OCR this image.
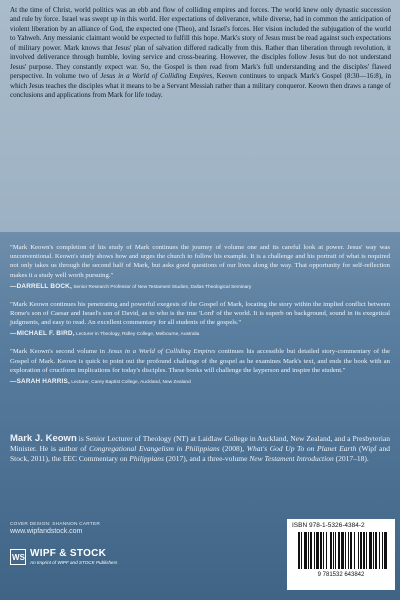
At the time of Christ, world politics was an ebb and flow of colliding empires and forces. The world knew only dynastic succession and rule by force. Israel was swept up in this world. Her expectations of deliverance, while diverse, had in common the anticipation of violent liberation by an alliance of God, the expected one (Theo), and Israel's forces. Her vision included the subjugation of the world to Yahweh. Any messianic claimant would be expected to fulfill this hope. Mark's story of Jesus must be read against such expectations of military power. Mark knows that Jesus' plan of salvation differed radically from this. Rather than liberation through revolution, it involved deliverance through humble, loving service and cross-bearing. However, the disciples follow Jesus but do not understand Jesus' purpose. They constantly expect war. So, the Gospel is then read from Mark's full understanding and the disciples' flawed perspective. In volume two of Jesus in a World of Colliding Empires, Keown continues to unpack Mark's Gospel (8:30—16:8), in which Jesus teaches the disciples what it means to be a Servant Messiah rather than a military conqueror. Keown then draws a range of conclusions and applications from Mark for life today.

"Mark Keown's completion of his study of Mark continues the journey of volume one and its careful look at power. Jesus' way was unconventional. Keown's study shows how and urges the church to follow his example. It is a challenge and his portrait of what is required not only takes us through the second half of Mark, but asks good questions of our lives along the way. That opportunity for self-reflection makes it a study well worth pursuing."

—DARRELL BOCK, Senior Research Professor of New Testament Studies, Dallas Theological Seminary

"Mark Keown continues his penetrating and powerful exegesis of the Gospel of Mark, locating the story within the implied conflict between Rome's son of Caesar and Israel's son of David, as to who is the true 'Lord' of the world. It is superb on background, sound in its exegetical judgments, and easy to read. An excellent commentary for all students of the gospels."

—MICHAEL F. BIRD, Lecturer in Theology, Ridley College, Melbourne, Australia

"Mark Keown's second volume in Jesus in a World of Colliding Empires continues his accessible but detailed story-commentary of the Gospel of Mark. Keown is quick to point out the profound challenge of the gospel as he examines Mark's text, and ends the book with an exploration of cruciform implications for today's disciples. These books will challenge the layperson and inspire the student."

—SARAH HARRIS, Lecturer, Carey Baptist College, Auckland, New Zealand

Mark J. Keown is Senior Lecturer of Theology (NT) at Laidlaw College in Auckland, New Zealand, and a Presbyterian Minister. He is author of Congregational Evangelism in Philippians (2008), What's God Up To on Planet Earth (Wipf and Stock, 2011), the EEC Commentary on Philippians (2017), and a three-volume New Testament Introduction (2017–18).
COVER DESIGN: SHANNON CARTER
www.wipfandstock.com
WS WIPF & STOCK
An Imprint of WIPF and STOCK Publishers
ISBN 978-1-5326-4384-2
9 781532 643842
